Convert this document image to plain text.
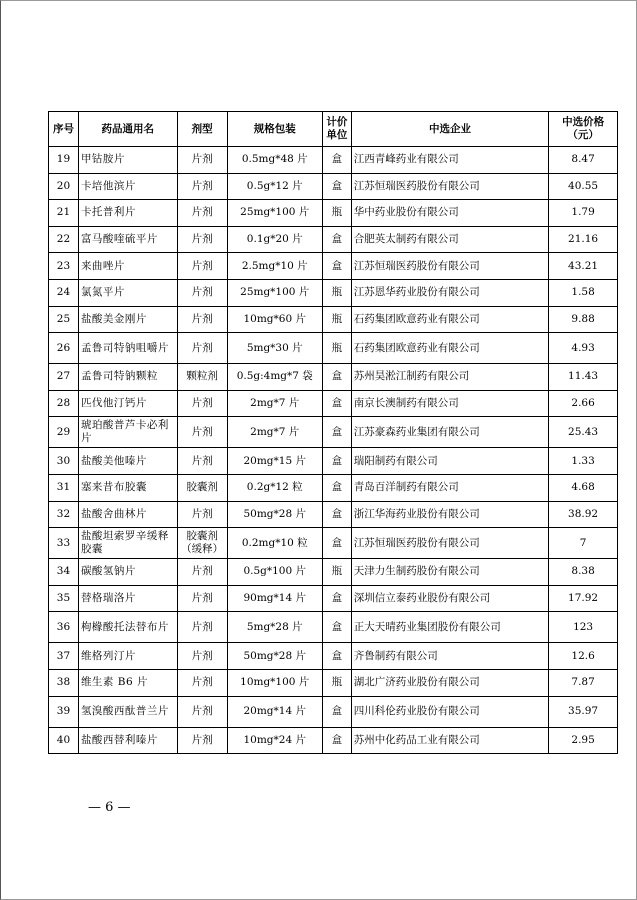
序号	药品通用名	剂型	规格包装	计价单位	中选企业	中选价格（元）
19	甲钴胺片	片剂	0.5mg*48 片	盒	江西青峰药业有限公司	8.47
20	卡培他滨片	片剂	0.5g*12 片	盒	江苏恒瑞医药股份有限公司	40.55
21	卡托普利片	片剂	25mg*100 片	瓶	华中药业股份有限公司	1.79
22	富马酸喹硫平片	片剂	0.1g*20 片	盒	合肥英太制药有限公司	21.16
23	来曲唑片	片剂	2.5mg*10 片	盒	江苏恒瑞医药股份有限公司	43.21
24	氯氮平片	片剂	25mg*100 片	瓶	江苏恩华药业股份有限公司	1.58
25	盐酸美金刚片	片剂	10mg*60 片	瓶	石药集团欧意药业有限公司	9.88
26	孟鲁司特钠咀嚼片	片剂	5mg*30 片	瓶	石药集团欧意药业有限公司	4.93
27	孟鲁司特钠颗粒	颗粒剂	0.5g:4mg*7 袋	盒	苏州昊淞江制药有限公司	11.43
28	匹伐他汀钙片	片剂	2mg*7 片	盒	南京长澳制药有限公司	2.66
29	琥珀酸普芦卡必利片	片剂	2mg*7 片	盒	江苏豪森药业集团有限公司	25.43
30	盐酸美他嗪片	片剂	20mg*15 片	盒	瑞阳制药有限公司	1.33
31	塞来昔布胶囊	胶囊剂	0.2g*12 粒	盒	青岛百洋制药有限公司	4.68
32	盐酸舍曲林片	片剂	50mg*28 片	盒	浙江华海药业股份有限公司	38.92
33	盐酸坦索罗辛缓释胶囊	胶囊剂（缓释）	0.2mg*10 粒	盒	江苏恒瑞医药股份有限公司	7
34	碳酸氢钠片	片剂	0.5g*100 片	瓶	天津力生制药股份有限公司	8.38
35	替格瑞洛片	片剂	90mg*14 片	盒	深圳信立泰药业股份有限公司	17.92
36	枸橼酸托法替布片	片剂	5mg*28 片	盒	正大天晴药业集团股份有限公司	123
37	维格列汀片	片剂	50mg*28 片	盒	齐鲁制药有限公司	12.6
38	维生素 B6 片	片剂	10mg*100 片	瓶	湖北广济药业股份有限公司	7.87
39	氢溴酸西酞普兰片	片剂	20mg*14 片	盒	四川科伦药业股份有限公司	35.97
40	盐酸西替利嗪片	片剂	10mg*24 片	盒	苏州中化药品工业有限公司	2.95
— 6 —
